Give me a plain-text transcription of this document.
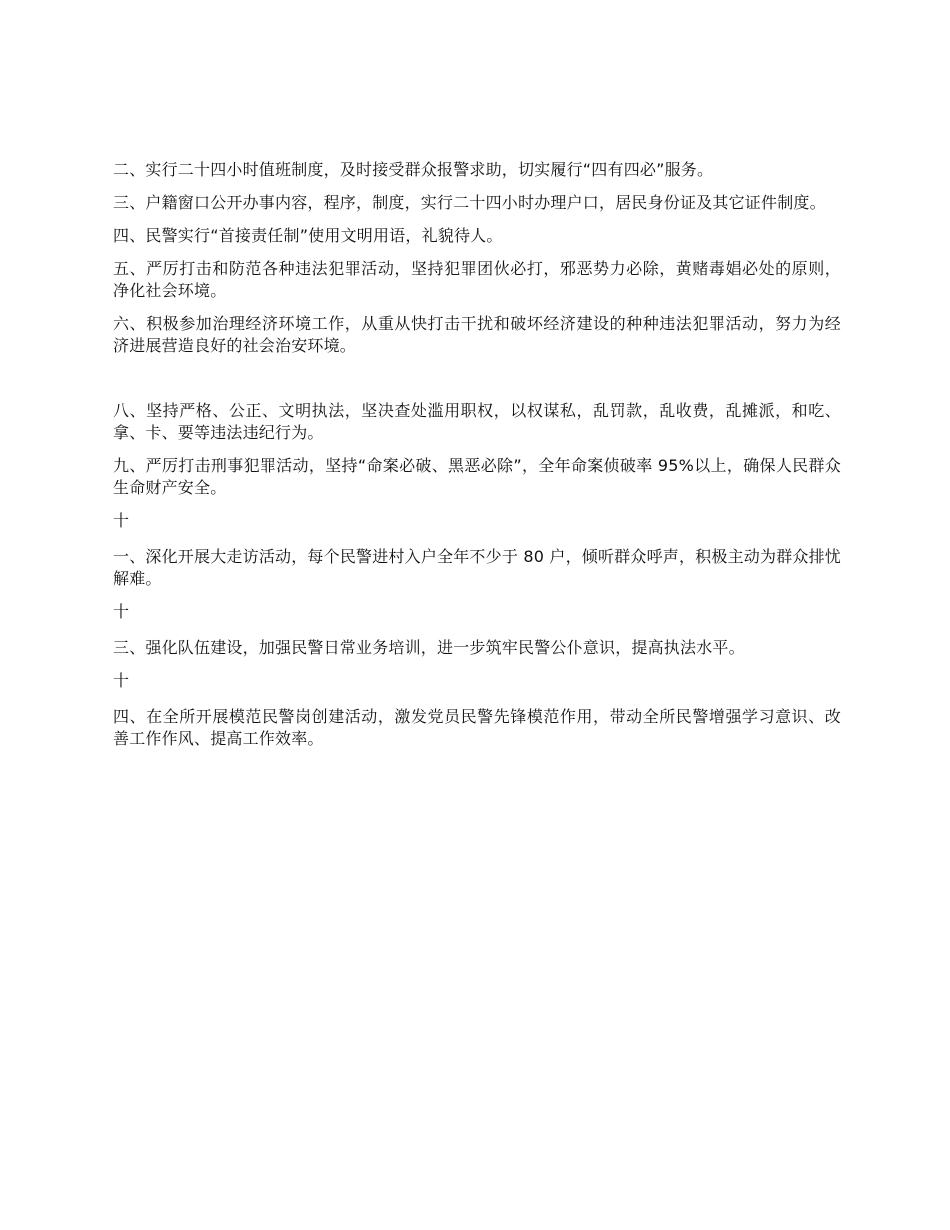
二、实行二十四小时值班制度，及时接受群众报警求助，切实履行“四有四必”服务。

三、户籍窗口公开办事内容，程序，制度，实行二十四小时办理户口，居民身份证及其它证件制度。

四、民警实行“首接责任制”使用文明用语，礼貌待人。

五、严厉打击和防范各种违法犯罪活动，坚持犯罪团伙必打，邪恶势力必除，黄赌毒娼必处的原则，净化社会环境。

六、积极参加治理经济环境工作，从重从快打击干扰和破坏经济建设的种种违法犯罪活动，努力为经济进展营造良好的社会治安环境。

八、坚持严格、公正、文明执法，坚决查处滥用职权，以权谋私，乱罚款，乱收费，乱摊派，和吃、拿、卡、要等违法违纪行为。

九、严厉打击刑事犯罪活动，坚持“命案必破、黑恶必除”，全年命案侦破率 95%以上，确保人民群众生命财产安全。

十

一、深化开展大走访活动，每个民警进村入户全年不少于 80 户，倾听群众呼声，积极主动为群众排忧解难。

十

三、强化队伍建设，加强民警日常业务培训，进一步筑牢民警公仆意识，提高执法水平。

十

四、在全所开展模范民警岗创建活动，激发党员民警先锋模范作用，带动全所民警增强学习意识、改善工作作风、提高工作效率。
